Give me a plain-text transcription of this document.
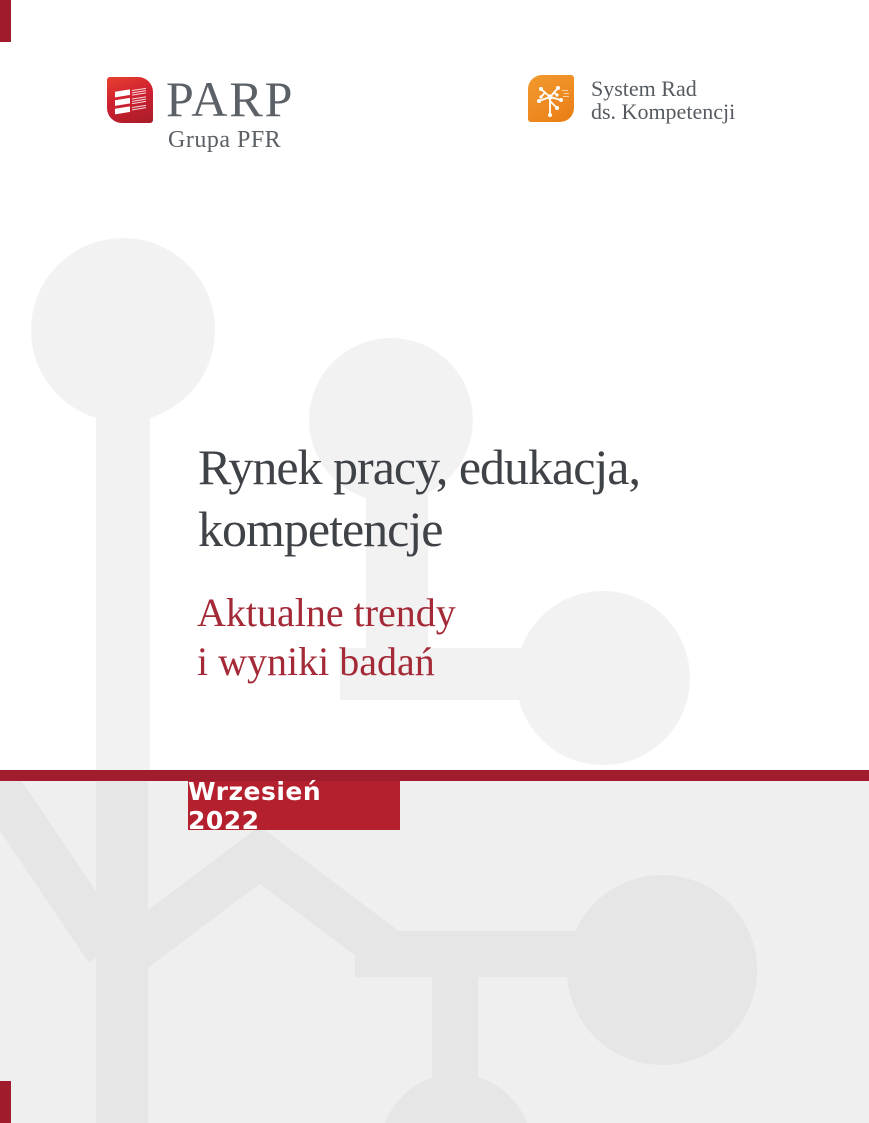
PARP
Grupa PFR
System Rad
ds. Kompetencji
Rynek pracy, edukacja,
kompetencje
Aktualne trendy
i wyniki badań
Wrzesień 2022
